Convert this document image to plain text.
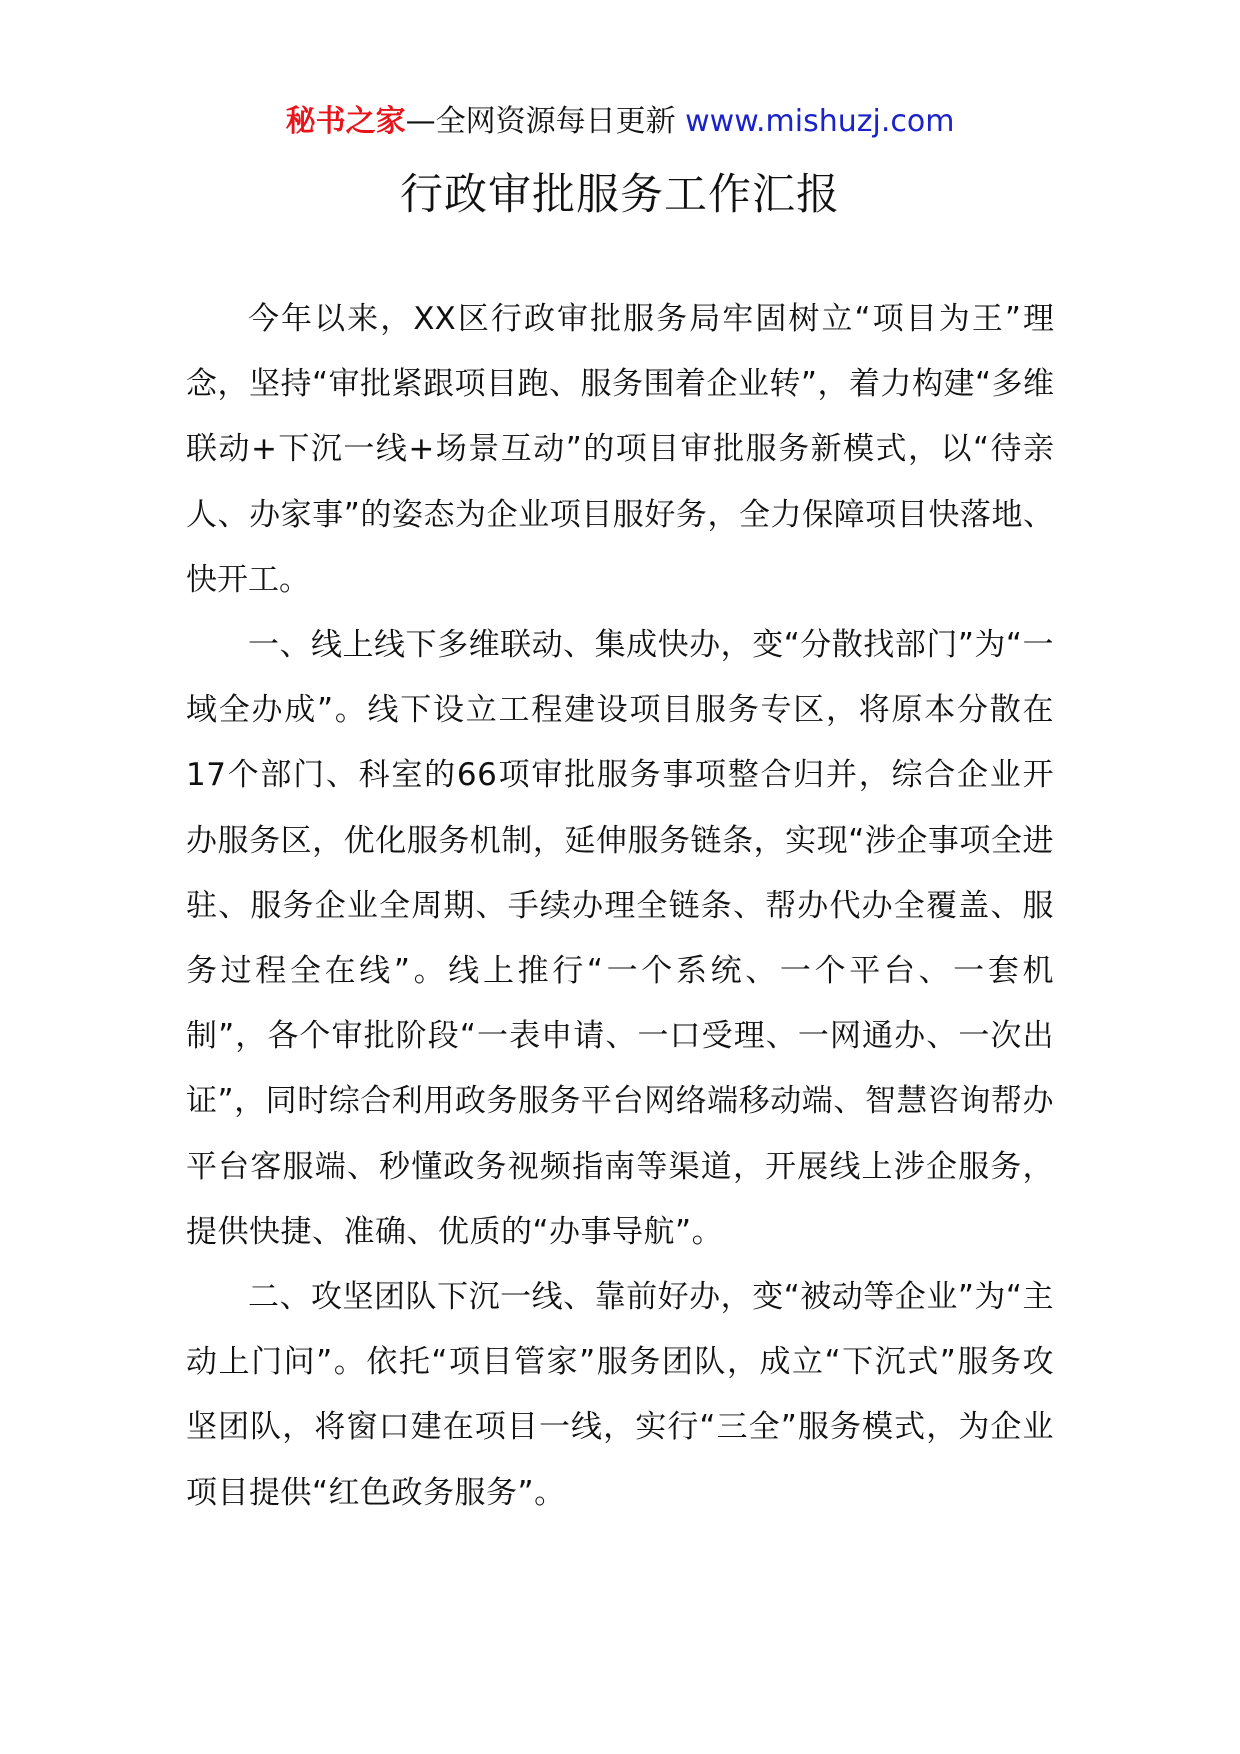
秘书之家—全网资源每日更新 www.mishuzj.com
行政审批服务工作汇报

今年以来，XX区行政审批服务局牢固树立“项目为王”理念，坚持“审批紧跟项目跑、服务围着企业转”，着力构建“多维联动+下沉一线+场景互动”的项目审批服务新模式，以“待亲人、办家事”的姿态为企业项目服好务，全力保障项目快落地、快开工。

一、线上线下多维联动、集成快办，变“分散找部门”为“一域全办成”。线下设立工程建设项目服务专区，将原本分散在17个部门、科室的66项审批服务事项整合归并，综合企业开办服务区，优化服务机制，延伸服务链条，实现“涉企事项全进驻、服务企业全周期、手续办理全链条、帮办代办全覆盖、服务过程全在线”。线上推行“一个系统、一个平台、一套机制”，各个审批阶段“一表申请、一口受理、一网通办、一次出证”，同时综合利用政务服务平台网络端移动端、智慧咨询帮办平台客服端、秒懂政务视频指南等渠道，开展线上涉企服务，提供快捷、准确、优质的“办事导航”。

二、攻坚团队下沉一线、靠前好办，变“被动等企业”为“主动上门问”。依托“项目管家”服务团队，成立“下沉式”服务攻坚团队，将窗口建在项目一线，实行“三全”服务模式，为企业项目提供“红色政务服务”。
